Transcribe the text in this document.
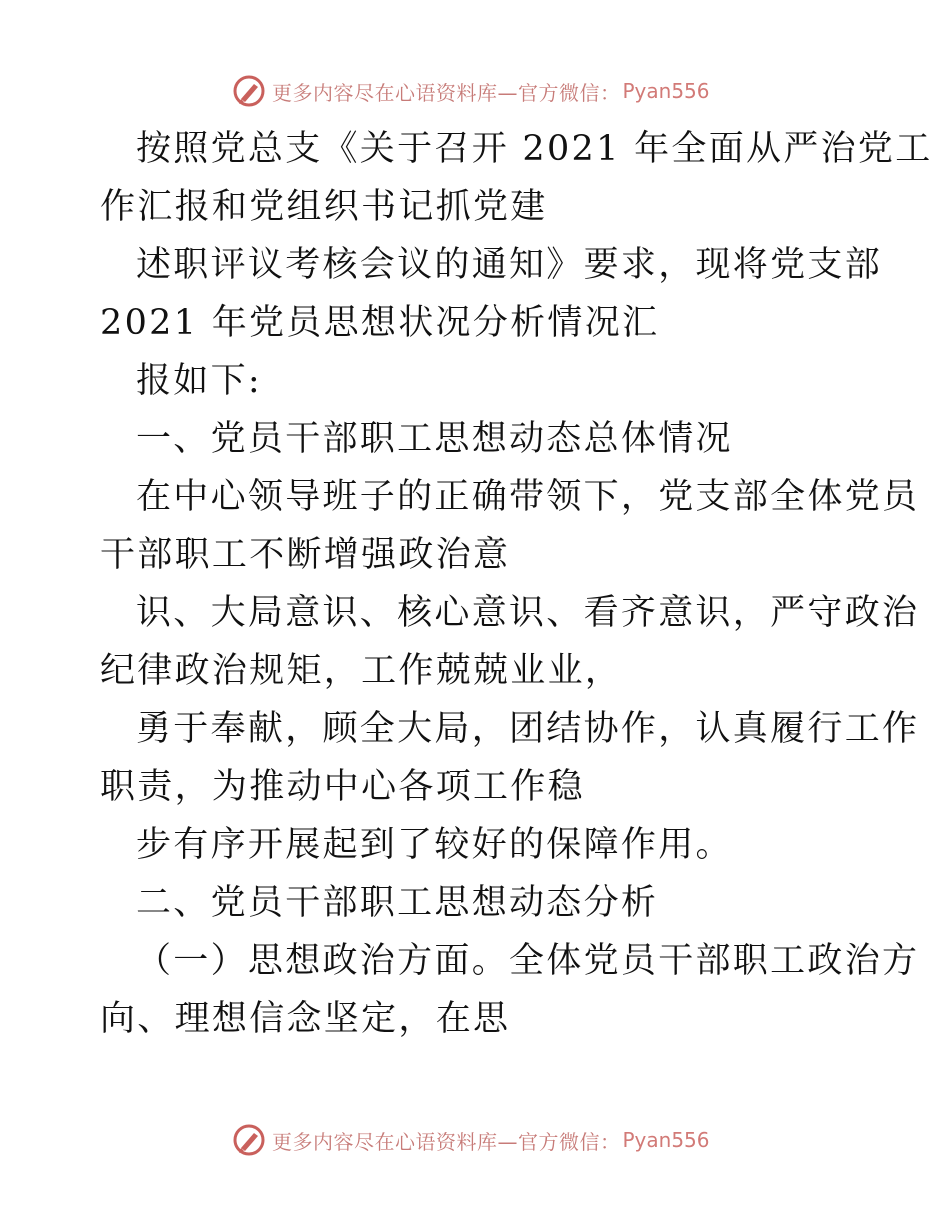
更多内容尽在心语资料库—官方微信： Pyan556
按照党总支《关于召开 2021 年全面从严治党工
作汇报和党组织书记抓党建
述职评议考核会议的通知》要求，现将党支部
2021 年党员思想状况分析情况汇
报如下:
一、党员干部职工思想动态总体情况
在中心领导班子的正确带领下，党支部全体党员
干部职工不断增强政治意
识、大局意识、核心意识、看齐意识，严守政治
纪律政治规矩，工作兢兢业业，
勇于奉献，顾全大局，团结协作，认真履行工作
职责，为推动中心各项工作稳
步有序开展起到了较好的保障作用。
二、党员干部职工思想动态分析
（一）思想政治方面。全体党员干部职工政治方
向、理想信念坚定，在思
更多内容尽在心语资料库—官方微信： Pyan556
